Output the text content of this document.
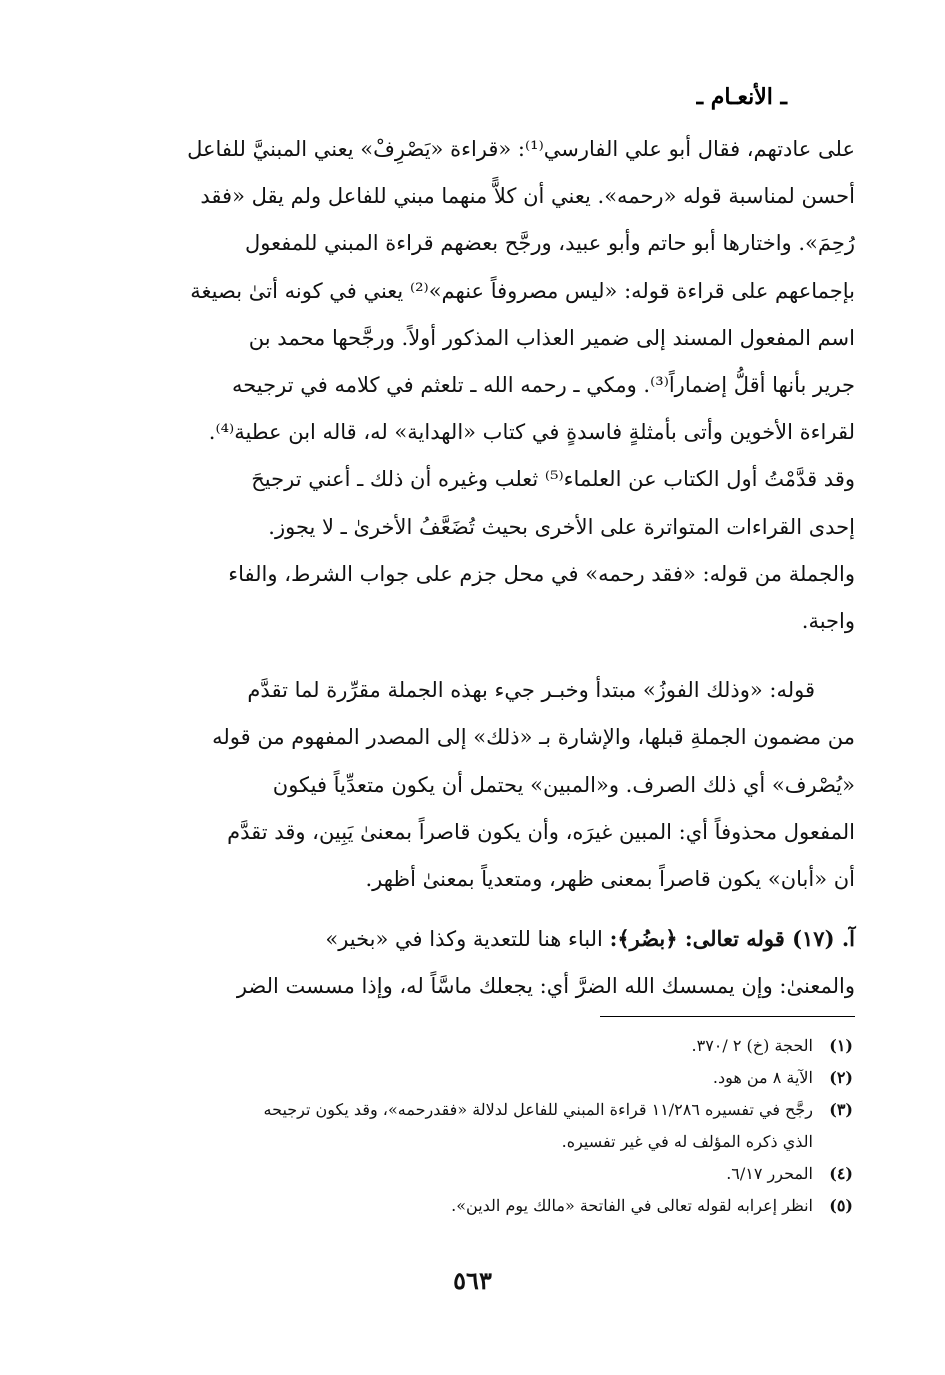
ـ الأنعـام ـ

على عادتهم، فقال أبو علي الفارسي⁽¹⁾: «قراءة «يَصْرِفْ» يعني المبنيَّ للفاعل

أحسن لمناسبة قوله «رحمه». يعني أن كلاًّ منهما مبني للفاعل ولم يقل «فقد

رُحِمَ». واختارها أبو حاتم وأبو عبيد، ورجَّح بعضهم قراءة المبني للمفعول

بإجماعهم على قراءة قوله: «ليس مصروفاً عنهم»⁽²⁾ يعني في كونه أتىٰ بصيغة

اسم المفعول المسند إلى ضمير العذاب المذكور أولاً. ورجَّحها محمد بن

جرير بأنها أقلُّ إضماراً⁽³⁾. ومكي ـ رحمه الله ـ تلعثم في كلامه في ترجيحه

لقراءة الأخوين وأتى بأمثلةٍ فاسدةٍ في كتاب «الهداية» له، قاله ابن عطية⁽⁴⁾.

وقد قدَّمْتُ أول الكتاب عن العلماء⁽⁵⁾ ثعلب وغيره أن ذلك ـ أعني ترجيحَ

إحدى القراءات المتواترة على الأخرى بحيث تُضَعَّفُ الأخرىٰ ـ لا يجوز.

والجملة من قوله: «فقد رحمه» في محل جزم على جواب الشرط، والفاء

واجبة.

قوله: «وذلك الفوزُ» مبتدأ وخبـر جيء بهذه الجملة مقرِّرة لما تقدَّم

من مضمون الجملةِ قبلها، والإشارة بـ «ذلك» إلى المصدر المفهوم من قوله

«يُصْرف» أي ذلك الصرف. و«المبين» يحتمل أن يكون متعدِّياً فيكون

المفعول محذوفاً أي: المبين غيرَه، وأن يكون قاصراً بمعنىٰ يَبِين، وقد تقدَّم

أن «أبان» يكون قاصراً بمعنى ظهر، ومتعدياً بمعنىٰ أظهر.

آ. (١٧) قوله تعالى: ﴿بضُر﴾: الباء هنا للتعدية وكذا في «بخير»

والمعنىٰ: وإن يمسسك الله الضرَّ أي: يجعلك ماسَّاً له، وإذا مسست الضر

(١)الحجة (خ) ٢ /٣٧٠.

(٢)الآية ٨ من هود.

(٣)رجَّح في تفسيره ١١/٢٨٦ قراءة المبني للفاعل لدلالة «فقدرحمه»، وقد يكون ترجيحه

الذي ذكره المؤلف له في غير تفسيره.

(٤)المحرر ٦/١٧.

(٥)انظر إعرابه لقوله تعالى في الفاتحة «مالك يوم الدين».

٥٦٣
